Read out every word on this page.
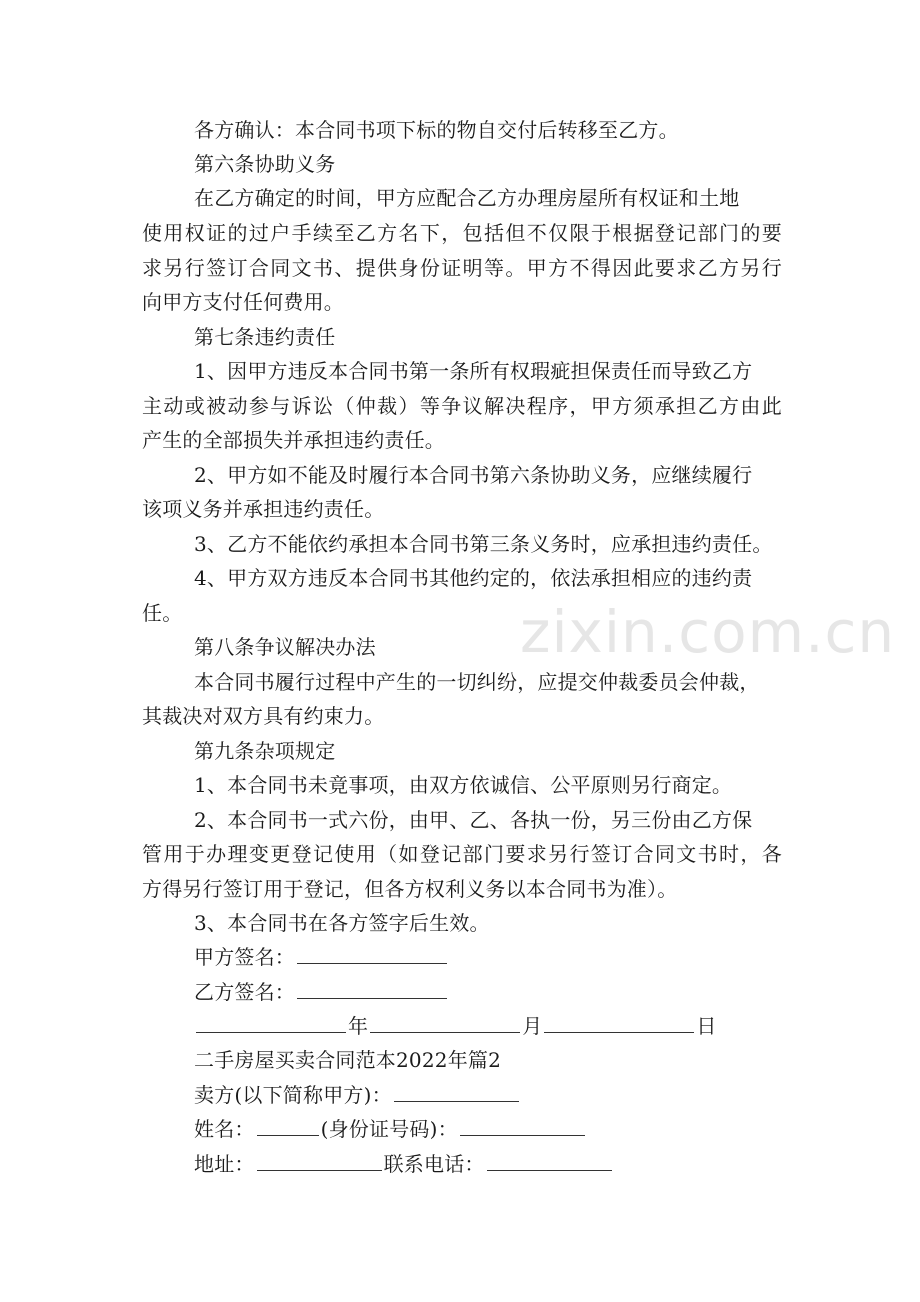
zixin.com.cn
各方确认：本合同书项下标的物自交付后转移至乙方。
第六条协助义务
在乙方确定的时间，甲方应配合乙方办理房屋所有权证和土地
使用权证的过户手续至乙方名下，包括但不仅限于根据登记部门的要
求另行签订合同文书、提供身份证明等。甲方不得因此要求乙方另行
向甲方支付任何费用。
第七条违约责任
1、因甲方违反本合同书第一条所有权瑕疵担保责任而导致乙方
主动或被动参与诉讼（仲裁）等争议解决程序，甲方须承担乙方由此
产生的全部损失并承担违约责任。
2、甲方如不能及时履行本合同书第六条协助义务，应继续履行
该项义务并承担违约责任。
3、乙方不能依约承担本合同书第三条义务时，应承担违约责任。
4、甲方双方违反本合同书其他约定的，依法承担相应的违约责
任。
第八条争议解决办法
本合同书履行过程中产生的一切纠纷，应提交仲裁委员会仲裁，
其裁决对双方具有约束力。
第九条杂项规定
1、本合同书未竟事项，由双方依诚信、公平原则另行商定。
2、本合同书一式六份，由甲、乙、各执一份，另三份由乙方保
管用于办理变更登记使用（如登记部门要求另行签订合同文书时，各
方得另行签订用于登记，但各方权利义务以本合同书为准）。
3、本合同书在各方签字后生效。
甲方签名：
乙方签名：
年	月	日
二手房屋买卖合同范本2022年篇2
卖方(以下简称甲方)：
姓名：	(身份证号码)：
地址：	联系电话：
